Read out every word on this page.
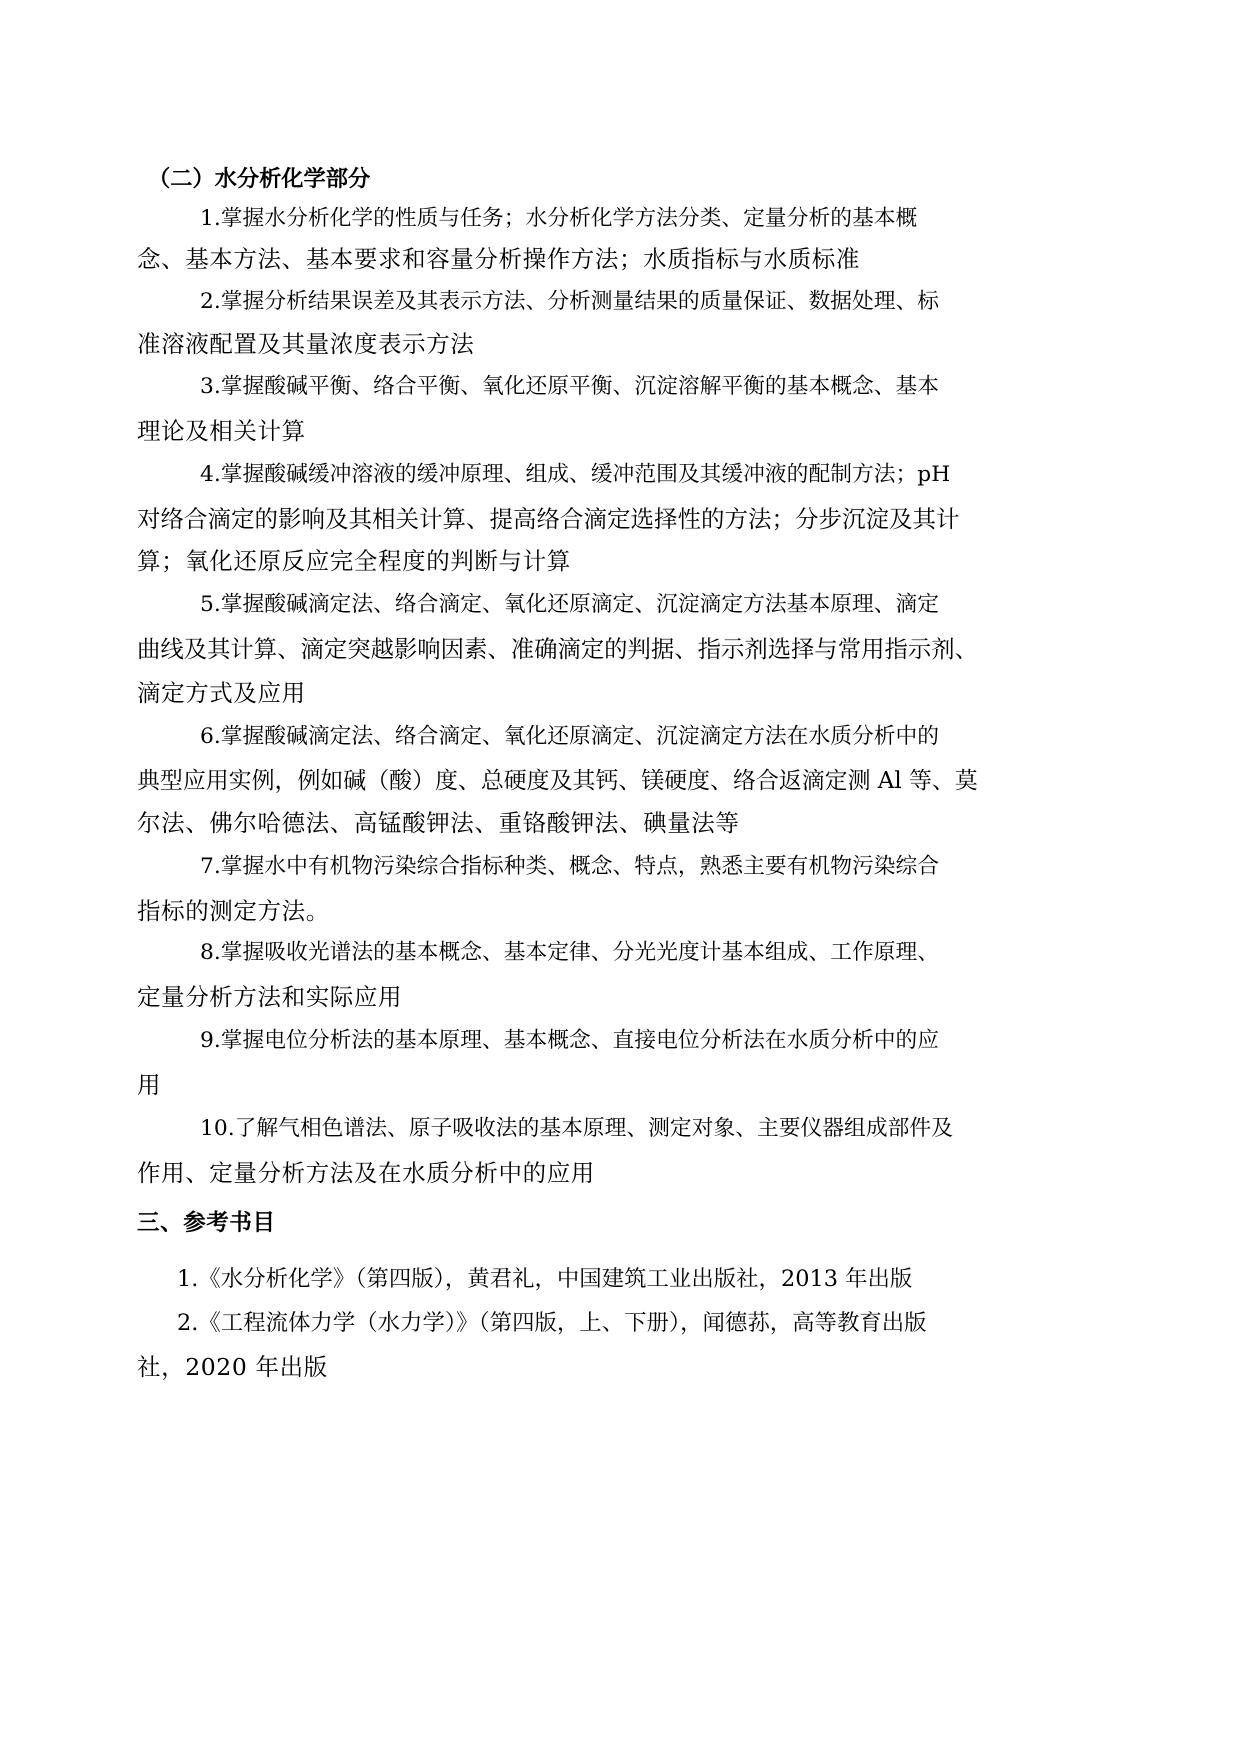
（二）水分析化学部分
1.掌握水分析化学的性质与任务；水分析化学方法分类、定量分析的基本概
念、基本方法、基本要求和容量分析操作方法；水质指标与水质标准
2.掌握分析结果误差及其表示方法、分析测量结果的质量保证、数据处理、标
准溶液配置及其量浓度表示方法
3.掌握酸碱平衡、络合平衡、氧化还原平衡、沉淀溶解平衡的基本概念、基本
理论及相关计算
4.掌握酸碱缓冲溶液的缓冲原理、组成、缓冲范围及其缓冲液的配制方法；pH
对络合滴定的影响及其相关计算、提高络合滴定选择性的方法；分步沉淀及其计
算；氧化还原反应完全程度的判断与计算
5.掌握酸碱滴定法、络合滴定、氧化还原滴定、沉淀滴定方法基本原理、滴定
曲线及其计算、滴定突越影响因素、准确滴定的判据、指示剂选择与常用指示剂、
滴定方式及应用
6.掌握酸碱滴定法、络合滴定、氧化还原滴定、沉淀滴定方法在水质分析中的
典型应用实例，例如碱（酸）度、总硬度及其钙、镁硬度、络合返滴定测 Al 等、莫
尔法、佛尔哈德法、高锰酸钾法、重铬酸钾法、碘量法等
7.掌握水中有机物污染综合指标种类、概念、特点，熟悉主要有机物污染综合
指标的测定方法。
8.掌握吸收光谱法的基本概念、基本定律、分光光度计基本组成、工作原理、
定量分析方法和实际应用
9.掌握电位分析法的基本原理、基本概念、直接电位分析法在水质分析中的应
用
10.了解气相色谱法、原子吸收法的基本原理、测定对象、主要仪器组成部件及
作用、定量分析方法及在水质分析中的应用
三、参考书目
1.《水分析化学》（第四版），黄君礼，中国建筑工业出版社，2013 年出版
2.《工程流体力学（水力学）》（第四版，上、下册），闻德荪，高等教育出版
社，2020 年出版
